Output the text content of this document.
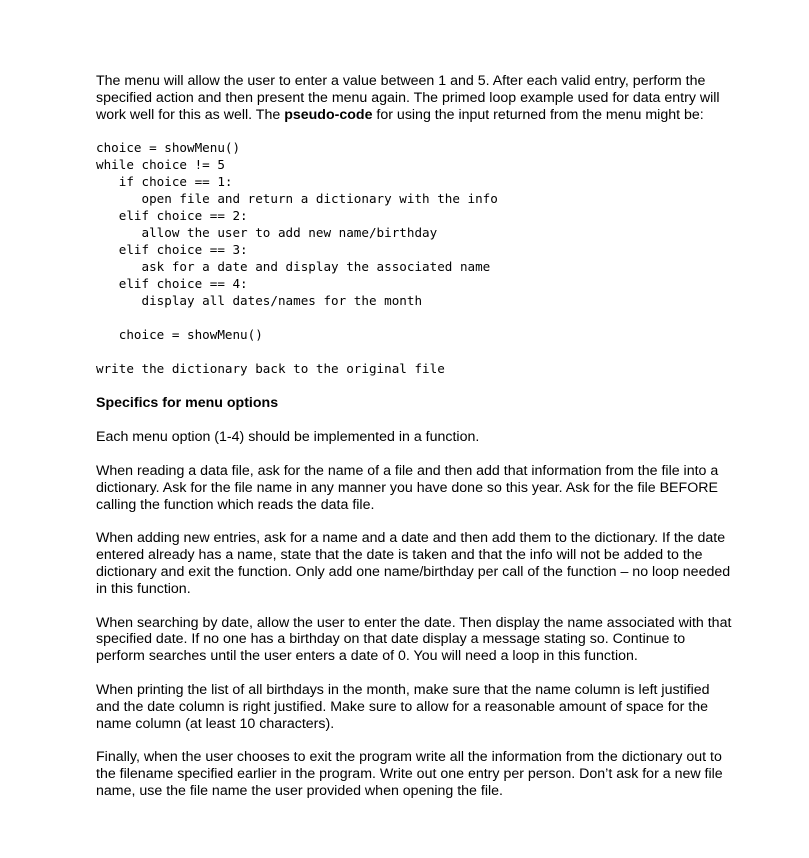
The menu will allow the user to enter a value between 1 and 5. After each valid entry, perform the specified action and then present the menu again. The primed loop example used for data entry will work well for this as well. The pseudo-code for using the input returned from the menu might be:

choice = showMenu()
while choice != 5
if choice == 1:
open file and return a dictionary with the info
elif choice == 2:
allow the user to add new name/birthday
elif choice == 3:
ask for a date and display the associated name
elif choice == 4:
display all dates/names for the month
choice = showMenu()
write the dictionary back to the original file
Specifics for menu options

Each menu option (1-4) should be implemented in a function.

When reading a data file, ask for the name of a file and then add that information from the file into a dictionary. Ask for the file name in any manner you have done so this year. Ask for the file BEFORE calling the function which reads the data file.

When adding new entries, ask for a name and a date and then add them to the dictionary. If the date entered already has a name, state that the date is taken and that the info will not be added to the dictionary and exit the function. Only add one name/birthday per call of the function – no loop needed in this function.

When searching by date, allow the user to enter the date. Then display the name associated with that specified date. If no one has a birthday on that date display a message stating so. Continue to perform searches until the user enters a date of 0. You will need a loop in this function.

When printing the list of all birthdays in the month, make sure that the name column is left justified and the date column is right justified. Make sure to allow for a reasonable amount of space for the name column (at least 10 characters).

Finally, when the user chooses to exit the program write all the information from the dictionary out to the filename specified earlier in the program. Write out one entry per person. Don’t ask for a new file name, use the file name the user provided when opening the file.
